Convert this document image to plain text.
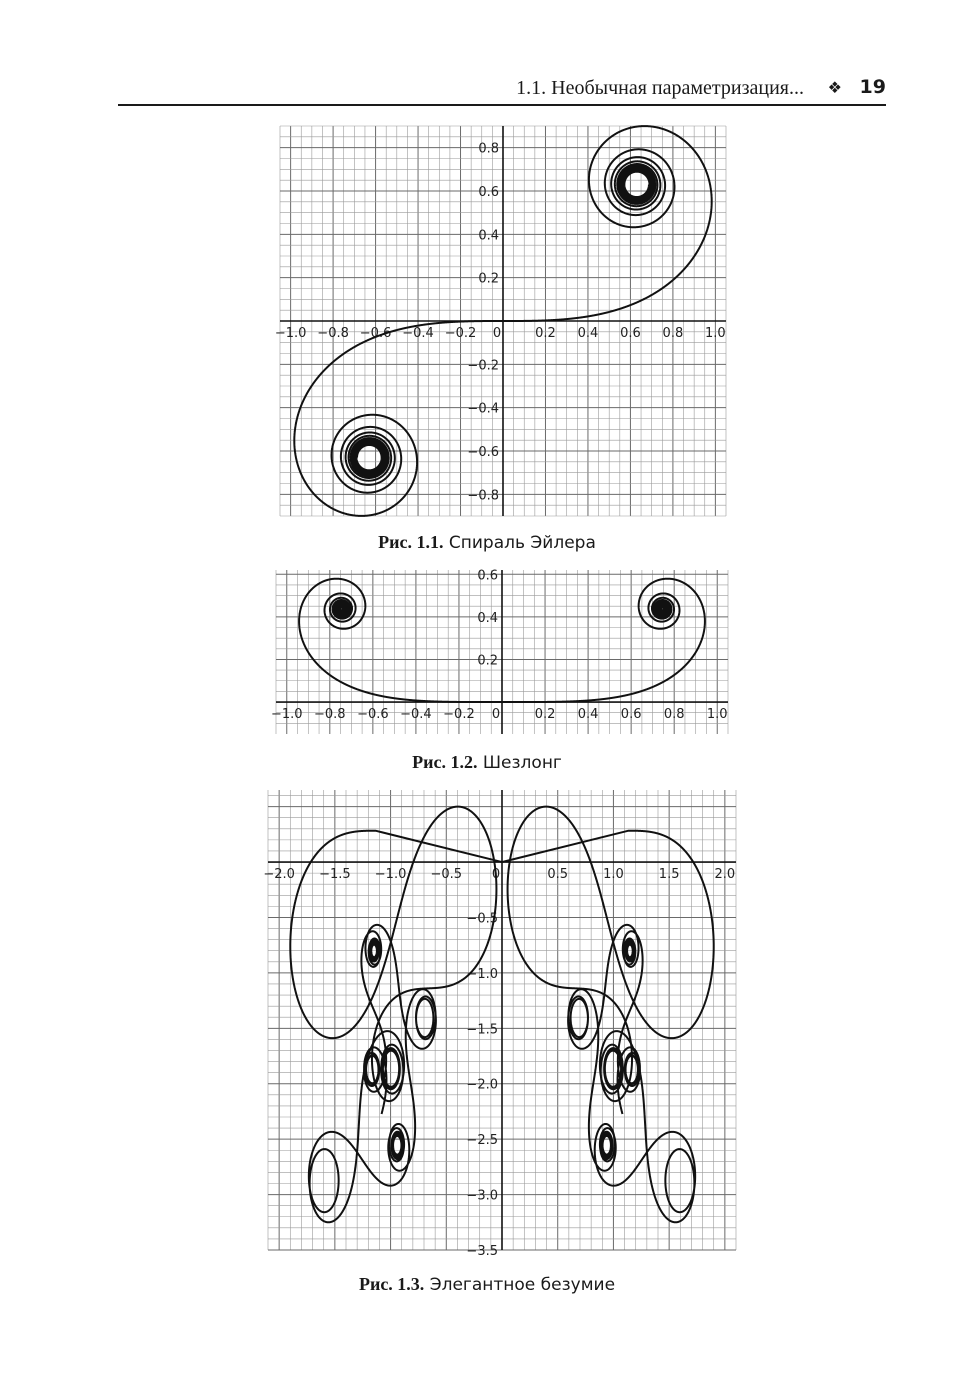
1.1. Необычная параметризация... ❖ 19
−1.0 −0.8 −0.6 −0.4 −0.2 0	0.2 0.4 0.6 0.8 1.0
0.8
0.6
0.4
0.2
−0.2
−0.4
−0.6
−0.8
Рис. 1.1. Спираль Эйлера
−1.0 −0.8 −0.6 −0.4 −0.2 0	0.2 0.4 0.6 0.8 1.0
0.6
0.4
0.2
Рис. 1.2. Шезлонг
−2.0 −1.5 −1.0 −0.5 0	0.5	1.0	1.5	2.0
−0.5
−1.0
−1.5
−2.0
−2.5
−3.0
−3.5
Рис. 1.3. Элегантное безумие
